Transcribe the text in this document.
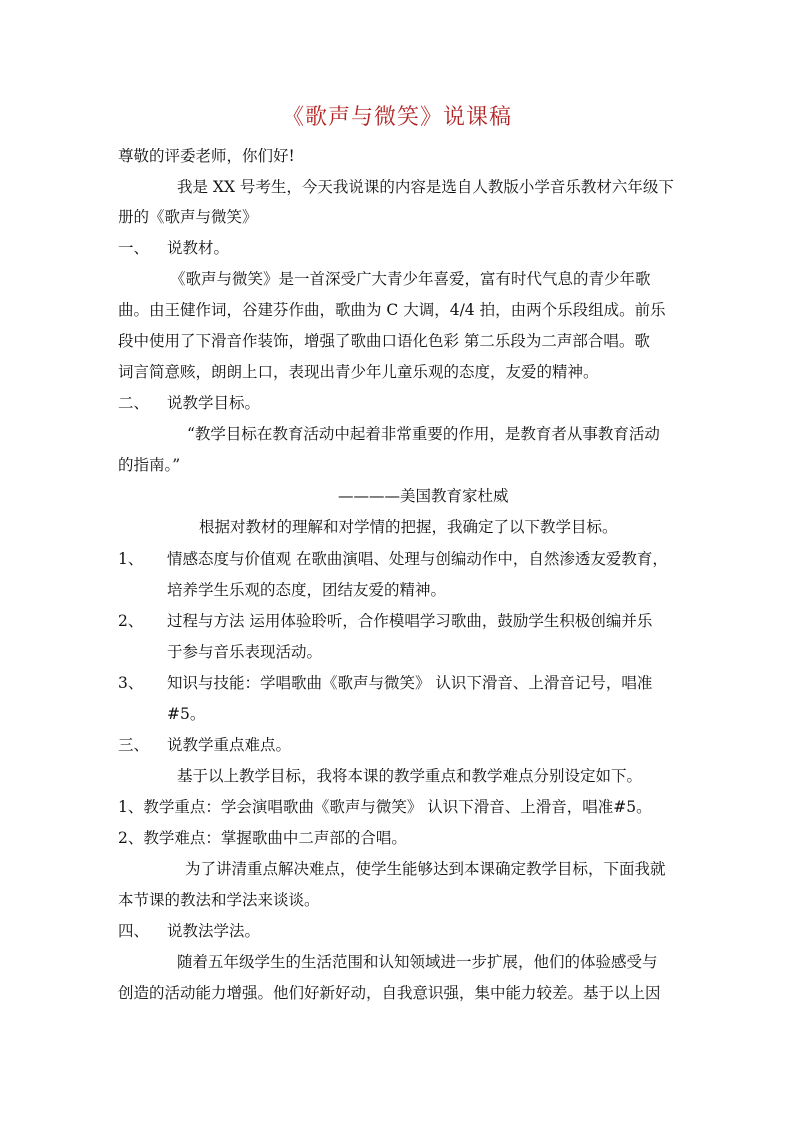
《歌声与微笑》说课稿
尊敬的评委老师，你们好!
我是 XX 号考生，今天我说课的内容是选自人教版小学音乐教材六年级下
册的《歌声与微笑》
一、 说教材。
《歌声与微笑》是一首深受广大青少年喜爱，富有时代气息的青少年歌
曲。由王健作词，谷建芬作曲，歌曲为 C 大调，4/4 拍，由两个乐段组成。前乐
段中使用了下滑音作装饰，增强了歌曲口语化色彩 第二乐段为二声部合唱。歌
词言简意赅，朗朗上口，表现出青少年儿童乐观的态度，友爱的精神。
二、 说教学目标。
“教学目标在教育活动中起着非常重要的作用，是教育者从事教育活动
的指南。”
————美国教育家杜威
根据对教材的理解和对学情的把握，我确定了以下教学目标。
1、 情感态度与价值观 在歌曲演唱、处理与创编动作中，自然渗透友爱教育，
培养学生乐观的态度，团结友爱的精神。
2、 过程与方法 运用体验聆听，合作模唱学习歌曲，鼓励学生积极创编并乐
于参与音乐表现活动。
3、 知识与技能：学唱歌曲《歌声与微笑》 认识下滑音、上滑音记号，唱准
#5。
三、 说教学重点难点。
基于以上教学目标，我将本课的教学重点和教学难点分别设定如下。
1、教学重点：学会演唱歌曲《歌声与微笑》 认识下滑音、上滑音，唱准#5。
2、教学难点：掌握歌曲中二声部的合唱。
为了讲清重点解决难点，使学生能够达到本课确定教学目标，下面我就
本节课的教法和学法来谈谈。
四、 说教法学法。
随着五年级学生的生活范围和认知领域进一步扩展，他们的体验感受与
创造的活动能力增强。他们好新好动，自我意识强，集中能力较差。基于以上因
